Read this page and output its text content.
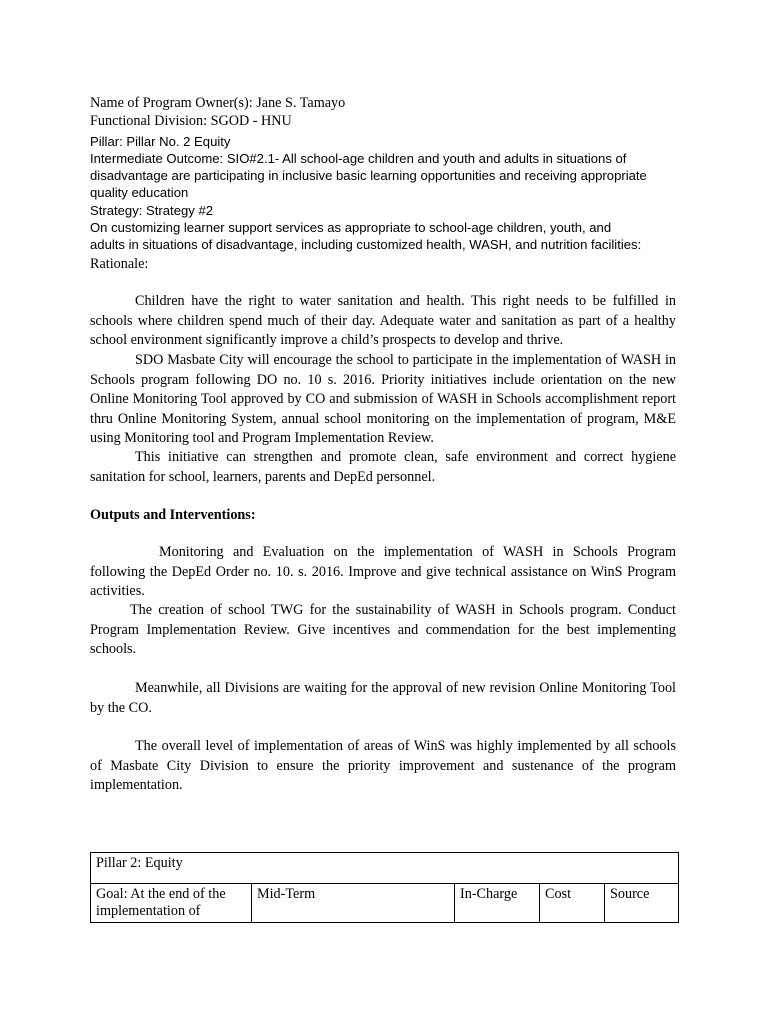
Name of Program Owner(s): Jane S. Tamayo
Functional Division: SGOD - HNU
Pillar: Pillar No. 2 Equity
Intermediate Outcome: SIO#2.1- All school-age children and youth and adults in situations of
disadvantage are participating in inclusive basic learning opportunities and receiving appropriate
quality education
Strategy: Strategy #2
On customizing learner support services as appropriate to school-age children, youth, and
adults in situations of disadvantage, including customized health, WASH, and nutrition facilities:
Rationale:
Children have the right to water sanitation and health. This right needs to be fulfilled in schools where children spend much of their day. Adequate water and sanitation as part of a healthy school environment significantly improve a child’s prospects to develop and thrive.
SDO Masbate City will encourage the school to participate in the implementation of WASH in Schools program following DO no. 10 s. 2016. Priority initiatives include orientation on the new Online Monitoring Tool approved by CO and submission of WASH in Schools accomplishment report thru Online Monitoring System, annual school monitoring on the implementation of program, M&E using Monitoring tool and Program Implementation Review.
This initiative can strengthen and promote clean, safe environment and correct hygiene sanitation for school, learners, parents and DepEd personnel.
Outputs and Interventions:
Monitoring and Evaluation on the implementation of WASH in Schools Program following the DepEd Order no. 10. s. 2016. Improve and give technical assistance on WinS Program activities.
The creation of school TWG for the sustainability of WASH in Schools program. Conduct Program Implementation Review. Give incentives and commendation for the best implementing schools.
Meanwhile, all Divisions are waiting for the approval of new revision Online Monitoring Tool by the CO.
The overall level of implementation of areas of WinS was highly implemented by all schools of Masbate City Division to ensure the priority improvement and sustenance of the program implementation.
Pillar 2: Equity
Goal: At the end of the implementation of	Mid-Term	In-Charge	Cost	Source
